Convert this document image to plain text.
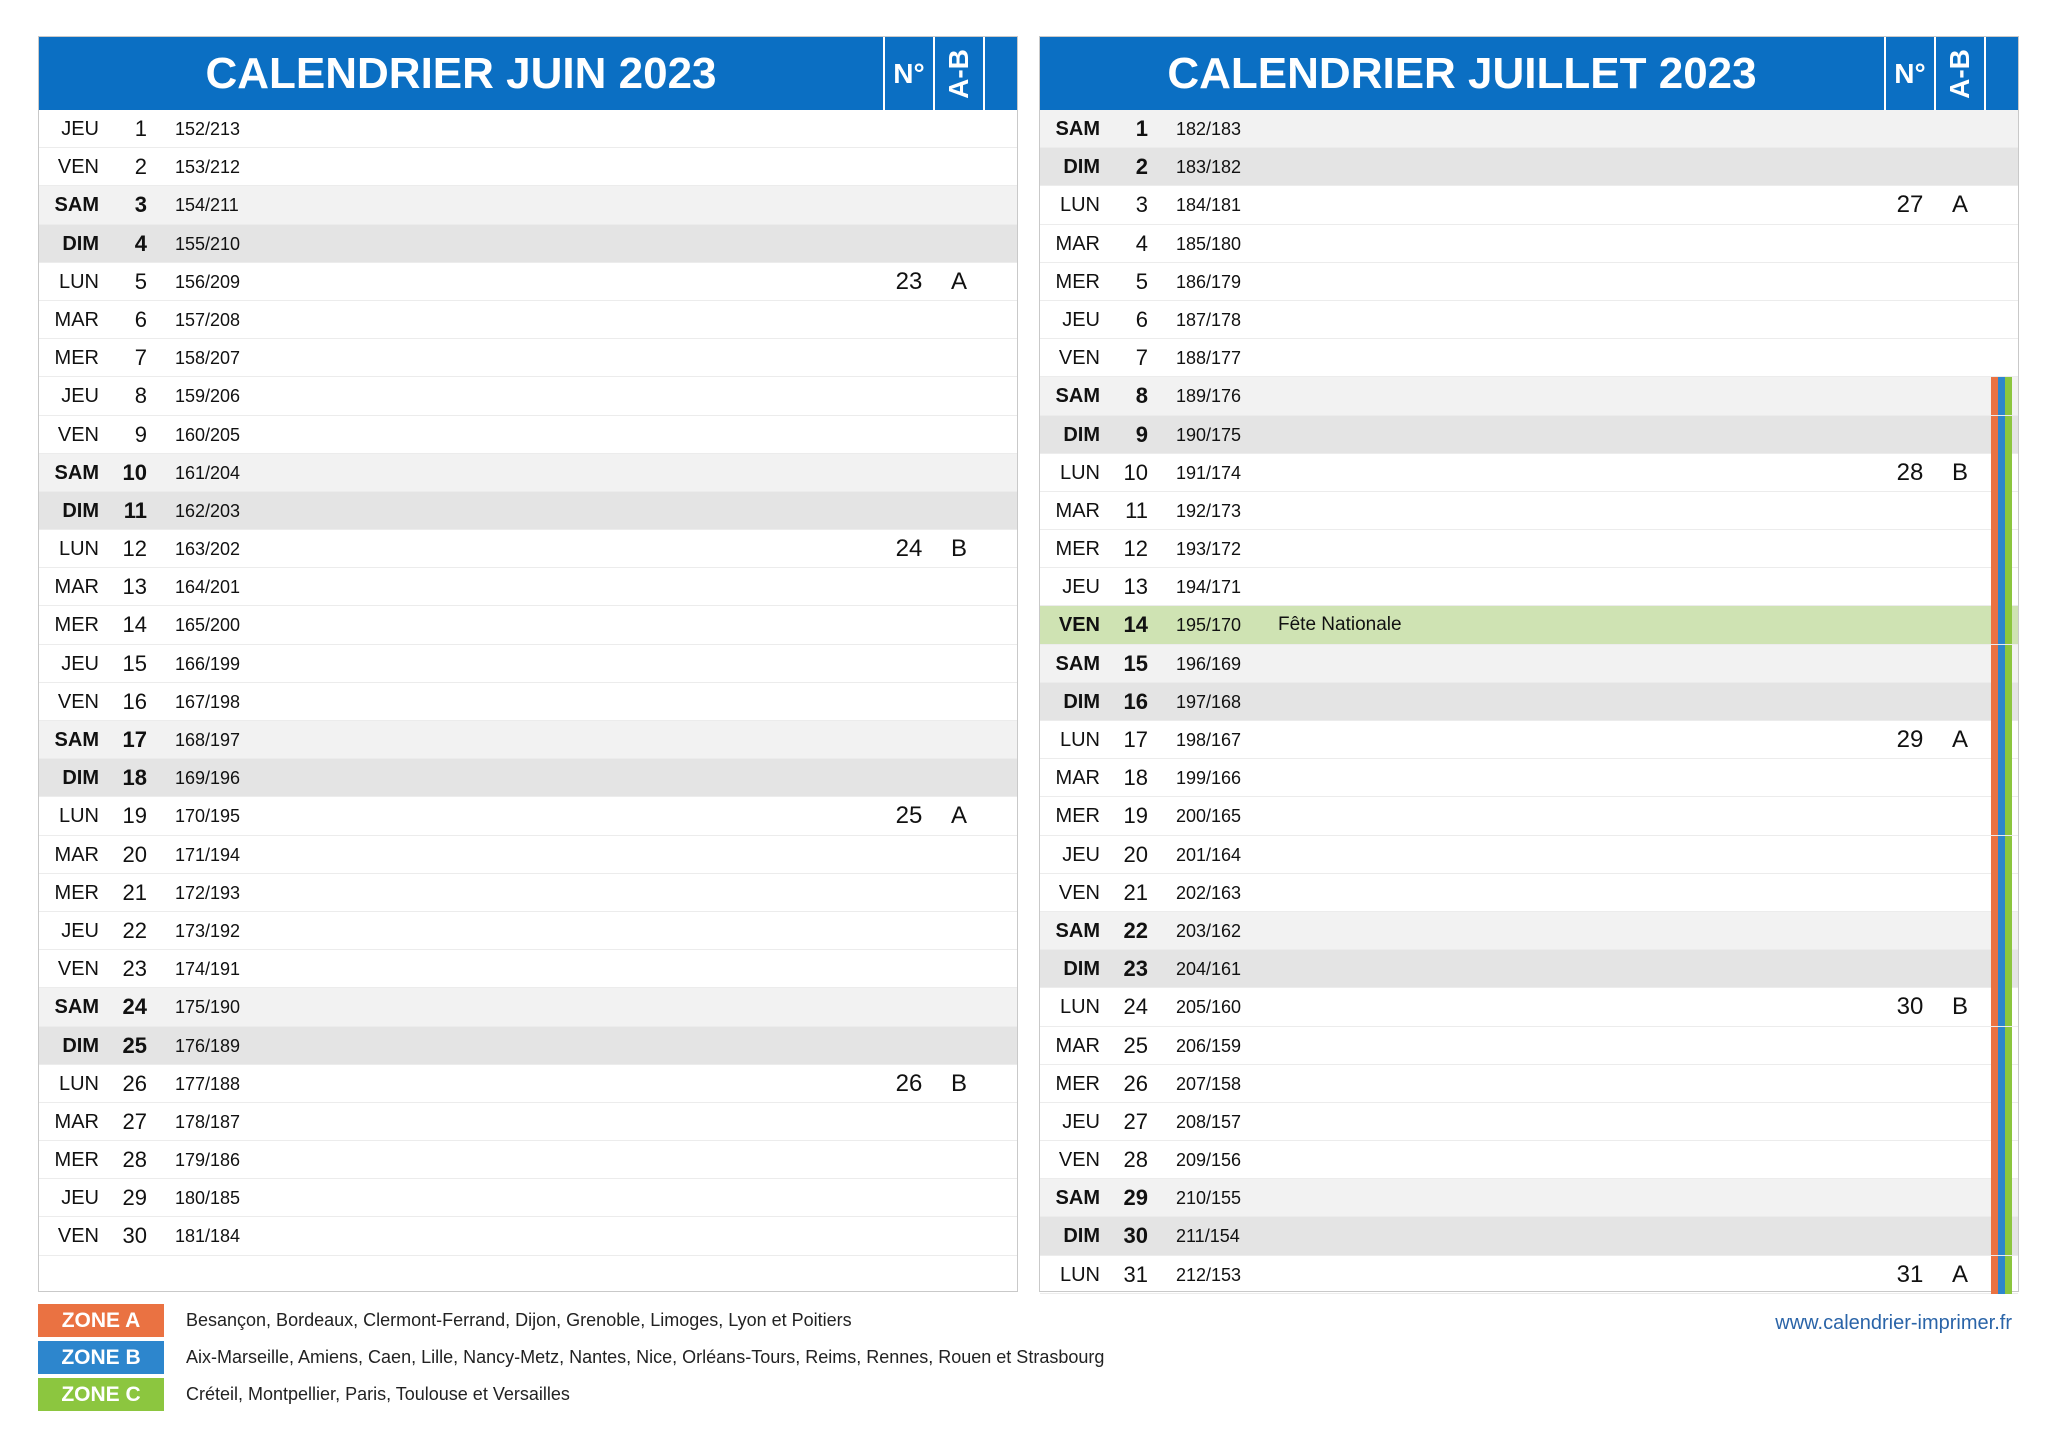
CALENDRIER JUIN 2023	N° A-B
JEU	1 152/213
VEN	2 153/212
SAM	3 154/211
DIM	4 155/210
LUN	5 156/209	23	A
MAR	6 157/208
MER	7 158/207
JEU	8 159/206
VEN	9 160/205
SAM	10 161/204
DIM	11 162/203
LUN	12 163/202	24	B
MAR	13 164/201
MER	14 165/200
JEU	15 166/199
VEN	16 167/198
SAM	17 168/197
DIM	18 169/196
LUN	19 170/195	25	A
MAR	20 171/194
MER	21 172/193
JEU	22 173/192
VEN	23 174/191
SAM	24 175/190
DIM	25 176/189
LUN	26 177/188	26	B
MAR	27 178/187
MER	28 179/186
JEU	29 180/185
VEN	30 181/184
CALENDRIER JUILLET 2023	N° A-B
SAM	1 182/183
DIM	2 183/182
LUN	3 184/181	27	A
MAR	4 185/180
MER	5 186/179
JEU	6 187/178
VEN	7 188/177
SAM	8 189/176
DIM	9 190/175
LUN	10 191/174	28	B
MAR	11 192/173
MER	12 193/172
JEU	13 194/171
VEN	14 195/170 Fête Nationale
SAM	15 196/169
DIM	16 197/168
LUN	17 198/167	29	A
MAR	18 199/166
MER	19 200/165
JEU	20 201/164
VEN	21 202/163
SAM	22 203/162
DIM	23 204/161
LUN	24 205/160	30	B
MAR	25 206/159
MER	26 207/158
JEU	27 208/157
VEN	28 209/156
SAM	29 210/155
DIM	30 211/154
LUN	31 212/153	31	A
ZONE A	Besançon, Bordeaux, Clermont-Ferrand, Dijon, Grenoble, Limoges, Lyon et Poitiers
ZONE B	Aix-Marseille, Amiens, Caen, Lille, Nancy-Metz, Nantes, Nice, Orléans-Tours, Reims, Rennes, Rouen et Strasbourg
ZONE C	Créteil, Montpellier, Paris, Toulouse et Versailles
www.calendrier-imprimer.fr
